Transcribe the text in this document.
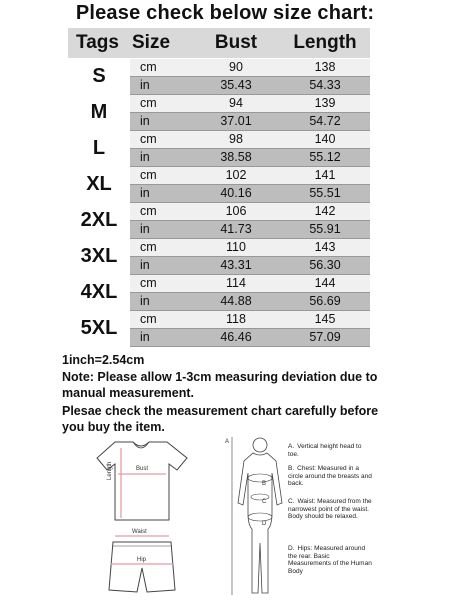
Please check below size chart:
Tags	Size	Bust	Length
S	cm	90	138
	in	35.43	54.33
M	cm	94	139
	in	37.01	54.72
L	cm	98	140
	in	38.58	55.12
XL	cm	102	141
	in	40.16	55.51
2XL	cm	106	142
	in	41.73	55.91
3XL	cm	110	143
	in	43.31	56.30
4XL	cm	114	144
	in	44.88	56.69
5XL	cm	118	145
	in	46.46	57.09
1inch=2.54cm
Note: Please allow 1-3cm measuring deviation due to manual measurement.
Plesae check the measurement chart carefully before you buy the item.
Length	Bust
Waist
Hip
A
B
C
D
A. Vertical height head to toe.
B. Chest: Measured in a circle around the breasts and back.
C. Waist: Measured from the narrowest point of the waist. Body should be relaxed.
D. Hips: Measured around the rear. Basic Measurements of the Human Body
